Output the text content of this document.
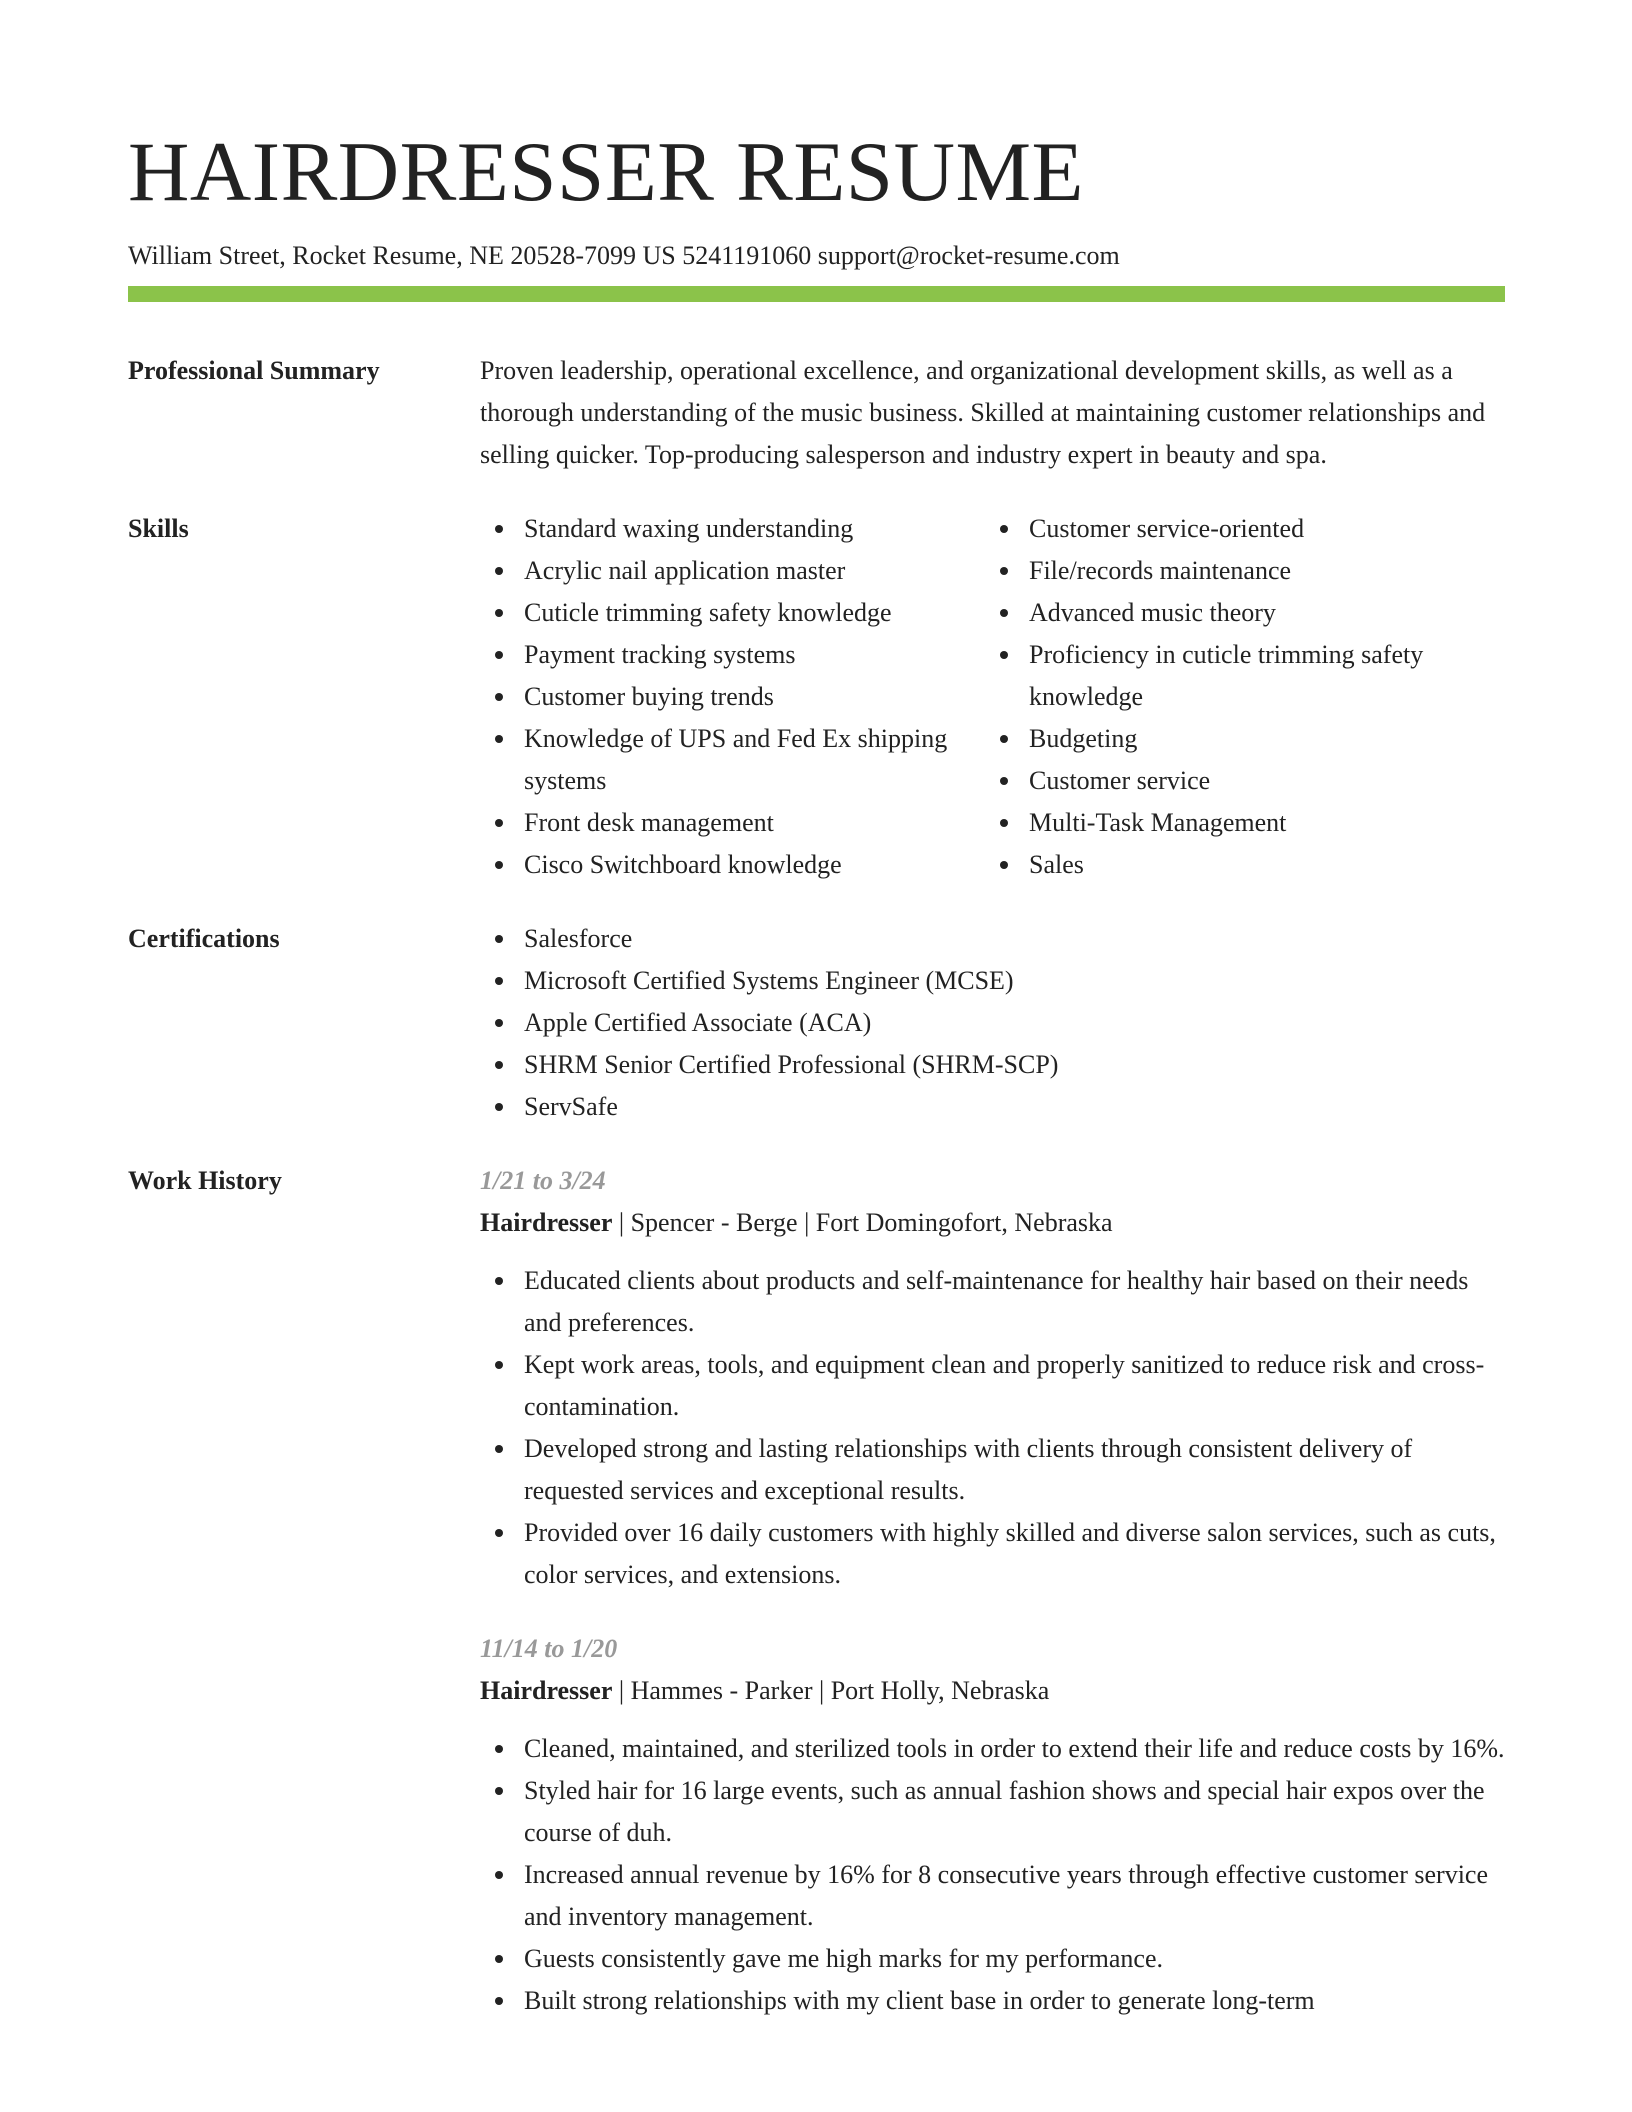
HAIRDRESSER RESUME
William Street, Rocket Resume, NE 20528-7099 US 5241191060 support@rocket-resume.com
Professional Summary	Proven leadership, operational excellence, and organizational development skills, as well as a thorough understanding of the music business. Skilled at maintaining customer relationships and selling quicker. Top-producing salesperson and industry expert in beauty and spa.
Skills	Standard waxing understanding
Acrylic nail application master
Cuticle trimming safety knowledge
Payment tracking systems
Customer buying trends
Knowledge of UPS and Fed Ex shipping systems
Front desk management
Cisco Switchboard knowledge
Customer service-oriented
File/records maintenance
Advanced music theory
Proficiency in cuticle trimming safety knowledge
Budgeting
Customer service
Multi-Task Management
Sales
Certifications	Salesforce
Microsoft Certified Systems Engineer (MCSE)
Apple Certified Associate (ACA)
SHRM Senior Certified Professional (SHRM-SCP)
ServSafe
Work History	1/21 to 3/24
Hairdresser | Spencer - Berge | Fort Domingofort, Nebraska
Educated clients about products and self-maintenance for healthy hair based on their needs and preferences.
Kept work areas, tools, and equipment clean and properly sanitized to reduce risk and cross-contamination.
Developed strong and lasting relationships with clients through consistent delivery of requested services and exceptional results.
Provided over 16 daily customers with highly skilled and diverse salon services, such as cuts, color services, and extensions.
11/14 to 1/20
Hairdresser | Hammes - Parker | Port Holly, Nebraska
Cleaned, maintained, and sterilized tools in order to extend their life and reduce costs by 16%.
Styled hair for 16 large events, such as annual fashion shows and special hair expos over the course of duh.
Increased annual revenue by 16% for 8 consecutive years through effective customer service and inventory management.
Guests consistently gave me high marks for my performance.
Built strong relationships with my client base in order to generate long-term
